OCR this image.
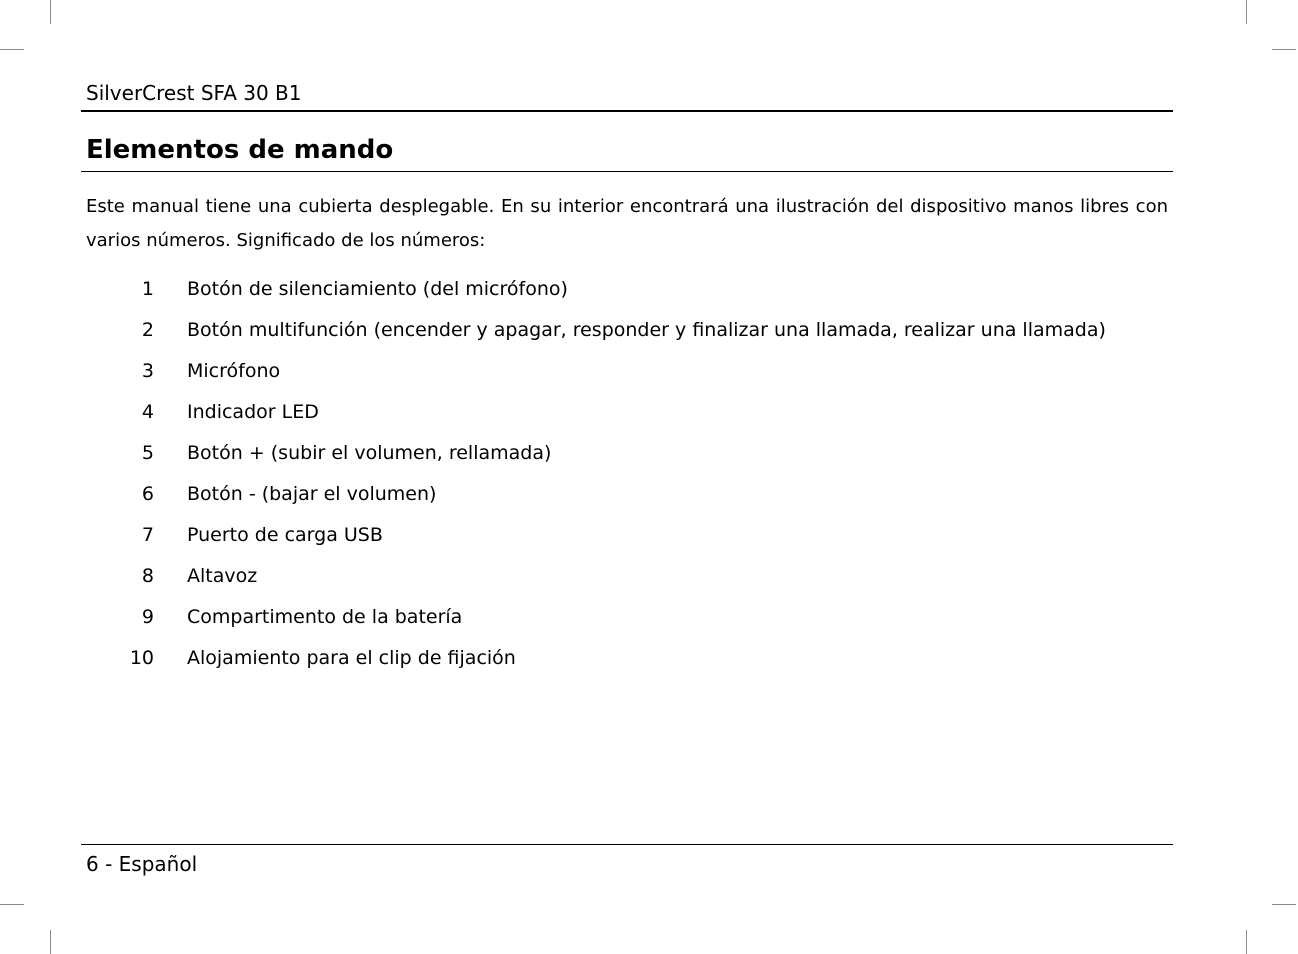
SilverCrest SFA 30 B1
Elementos de mando

Este manual tiene una cubierta desplegable. En su interior encontrará una ilustración del dispositivo manos libres con varios números. Significado de los números:

1 Botón de silenciamiento (del micrófono)
2 Botón multifunción (encender y apagar, responder y finalizar una llamada, realizar una llamada)
3 Micrófono
4 Indicador LED
5 Botón + (subir el volumen, rellamada)
6 Botón - (bajar el volumen)
7 Puerto de carga USB
8 Altavoz
9 Compartimento de la batería
10 Alojamiento para el clip de fijación
6 - Español
